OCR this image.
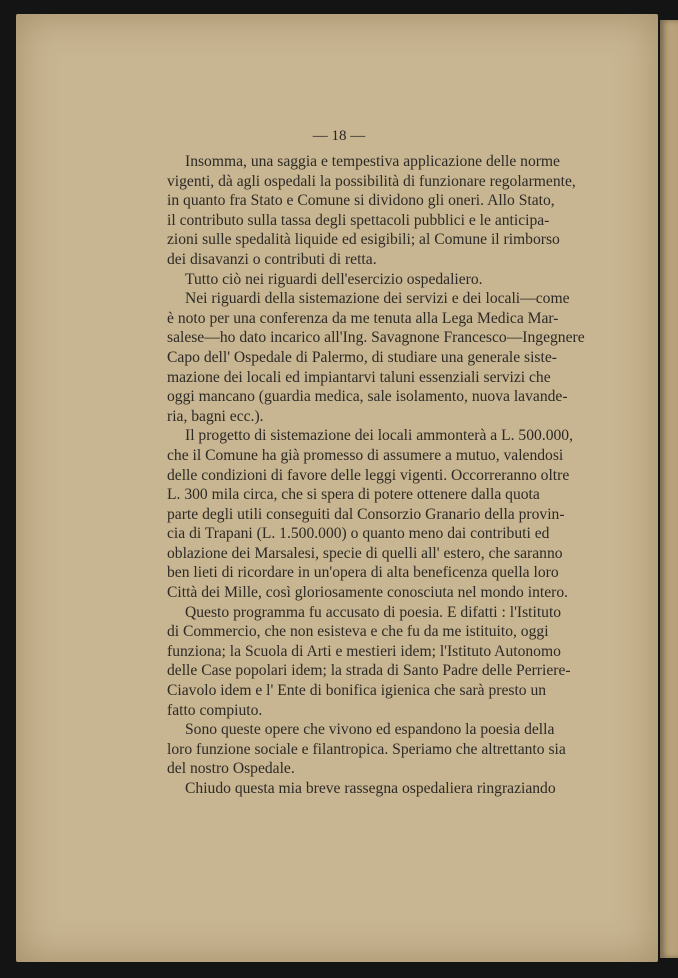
— 18 —
Insomma, una saggia e tempestiva applicazione delle norme
vigenti, dà agli ospedali la possibilità di funzionare regolarmente,
in quanto fra Stato e Comune si dividono gli oneri. Allo Stato,
il contributo sulla tassa degli spettacoli pubblici e le anticipa-
zioni sulle spedalità liquide ed esigibili; al Comune il rimborso
dei disavanzi o contributi di retta.
Tutto ciò nei riguardi dell'esercizio ospedaliero.
Nei riguardi della sistemazione dei servizi e dei locali—come
è noto per una conferenza da me tenuta alla Lega Medica Mar-
salese—ho dato incarico all'Ing. Savagnone Francesco—Ingegnere
Capo dell' Ospedale di Palermo, di studiare una generale siste-
mazione dei locali ed impiantarvi taluni essenziali servizi che
oggi mancano (guardia medica, sale isolamento, nuova lavande-
ria, bagni ecc.).
Il progetto di sistemazione dei locali ammonterà a L. 500.000,
che il Comune ha già promesso di assumere a mutuo, valendosi
delle condizioni di favore delle leggi vigenti. Occorreranno oltre
L. 300 mila circa, che si spera di potere ottenere dalla quota
parte degli utili conseguiti dal Consorzio Granario della provin-
cia di Trapani (L. 1.500.000) o quanto meno dai contributi ed
oblazione dei Marsalesi, specie di quelli all' estero, che saranno
ben lieti di ricordare in un'opera di alta beneficenza quella loro
Città dei Mille, così gloriosamente conosciuta nel mondo intero.
Questo programma fu accusato di poesia. E difatti : l'Istituto
di Commercio, che non esisteva e che fu da me istituito, oggi
funziona; la Scuola di Arti e mestieri idem; l'Istituto Autonomo
delle Case popolari idem; la strada di Santo Padre delle Perriere-
Ciavolo idem e l' Ente di bonifica igienica che sarà presto un
fatto compiuto.
Sono queste opere che vivono ed espandono la poesia della
loro funzione sociale e filantropica. Speriamo che altrettanto sia
del nostro Ospedale.
Chiudo questa mia breve rassegna ospedaliera ringraziando
